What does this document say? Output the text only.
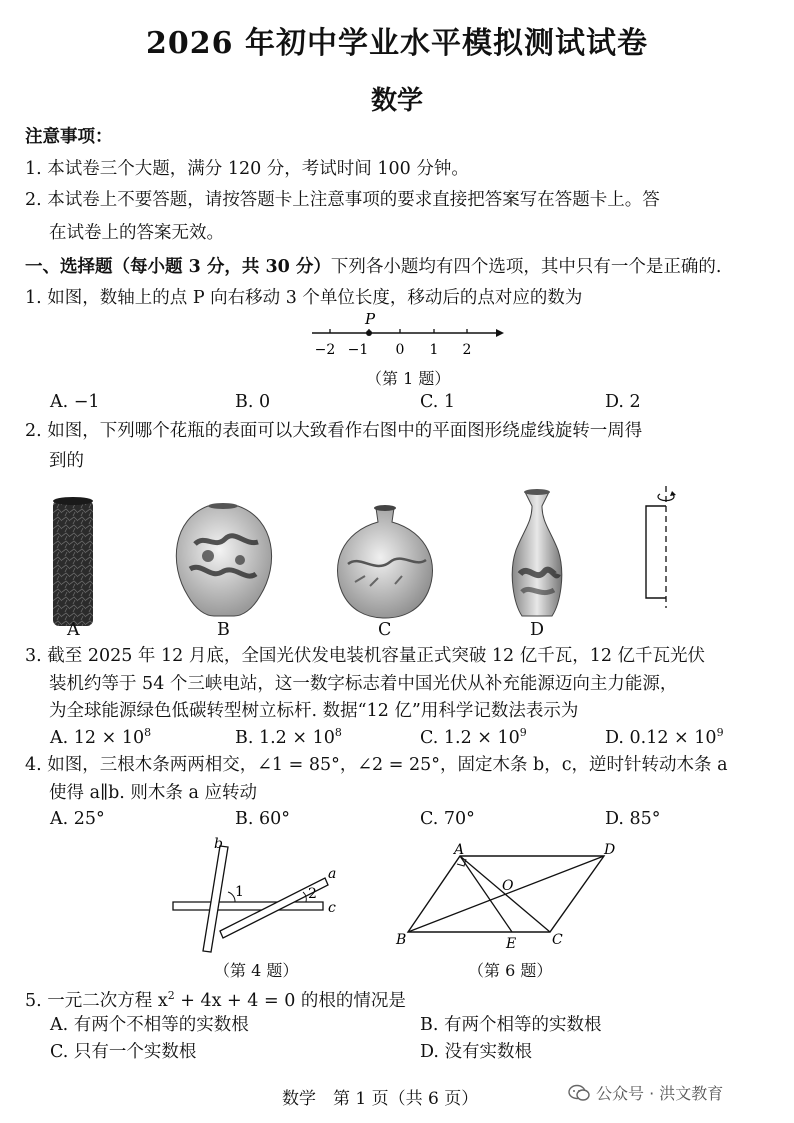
2026 年初中学业水平模拟测试试卷
数学
注意事项：
1. 本试卷三个大题，满分 120 分，考试时间 100 分钟。
2. 本试卷上不要答题，请按答题卡上注意事项的要求直接把答案写在答题卡上。答
在试卷上的答案无效。
一、选择题（每小题 3 分，共 30 分）下列各小题均有四个选项，其中只有一个是正确的.
1. 如图，数轴上的点 P 向右移动 3 个单位长度，移动后的点对应的数为
P
−2 −1 0 1 2
（第 1 题）
A. −1	B. 0	C. 1	D. 2
2. 如图，下列哪个花瓶的表面可以大致看作右图中的平面图形绕虚线旋转一周得
到的
A	B	C	D
3. 截至 2025 年 12 月底，全国光伏发电装机容量正式突破 12 亿千瓦，12 亿千瓦光伏
装机约等于 54 个三峡电站，这一数字标志着中国光伏从补充能源迈向主力能源，
为全球能源绿色低碳转型树立标杆. 数据“12 亿”用科学记数法表示为
A. $12 \times 10^8$	B. $1.2 \times 10^8$	C. $1.2 \times 10^9$	D. $0.12 \times 10^9$
4. 如图，三根木条两两相交，∠1 = 85°，∠2 = 25°，固定木条 b，c，逆时针转动木条 a
使得 a∥b. 则木条 a 应转动
A. 25°	B. 60°	C. 70°	D. 85°
b
a
c
1	2
（第 4 题）
A	D
B	C
O
E
（第 6 题）
5. 一元二次方程 $x^2 + 4x + 4 = 0$ 的根的情况是
A. 有两个不相等的实数根	B. 有两个相等的实数根
C. 只有一个实数根	D. 没有实数根
数学　第 1 页（共 6 页）	公众号 · 洪文教育
